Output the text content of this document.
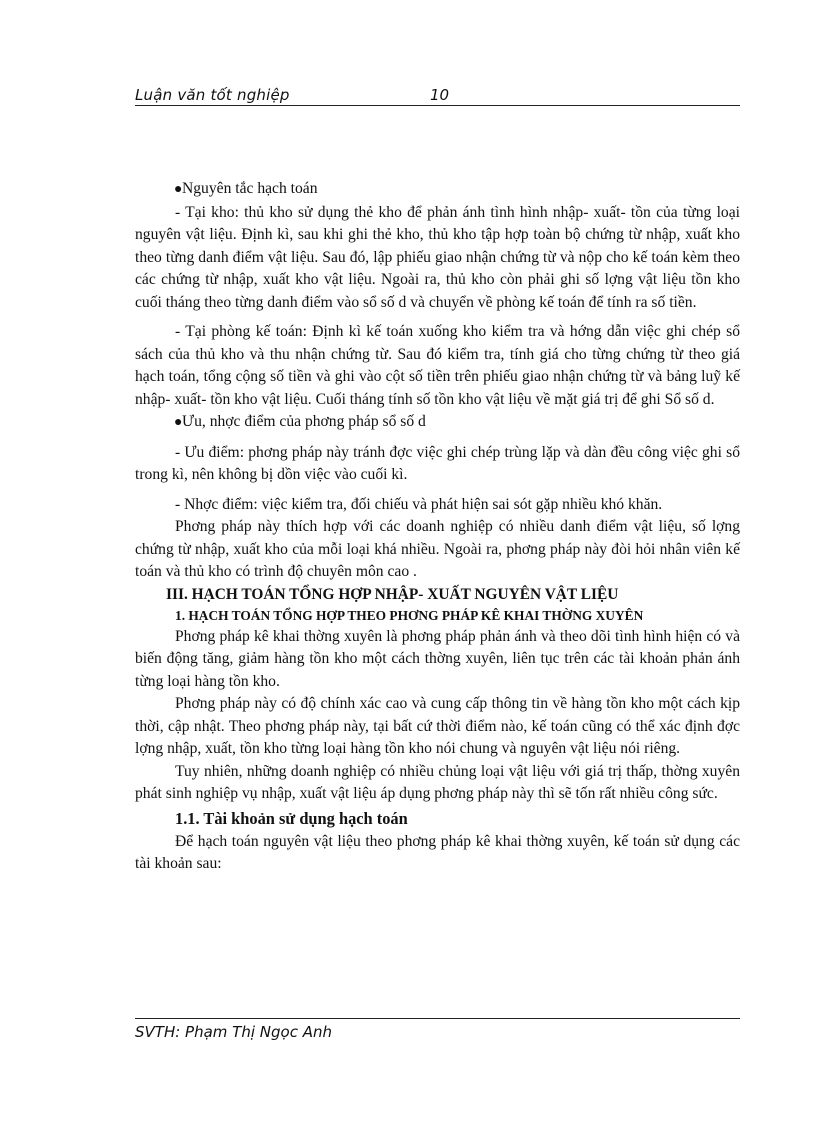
Luận văn tốt nghiệp	10

●Nguyên tắc hạch toán

- Tại kho: thủ kho sử dụng thẻ kho để phản ánh tình hình nhập- xuất- tồn của từng loại nguyên vật liệu. Định kì, sau khi ghi thẻ kho, thủ kho tập hợp toàn bộ chứng từ nhập, xuất kho theo từng danh điểm vật liệu. Sau đó, lập phiếu giao nhận chứng từ và nộp cho kế toán kèm theo các chứng từ nhập, xuất kho vật liệu. Ngoài ra, thủ kho còn phải ghi số lợng vật liệu tồn kho cuối tháng theo từng danh điểm vào sổ số d và chuyển về phòng kế toán để tính ra số tiền.

- Tại phòng kế toán: Định kì kế toán xuống kho kiểm tra và hớng dẫn việc ghi chép sổ sách của thủ kho và thu nhận chứng từ. Sau đó kiểm tra, tính giá cho từng chứng từ theo giá hạch toán, tổng cộng số tiền và ghi vào cột số tiền trên phiếu giao nhận chứng từ và bảng luỹ kế nhập- xuất- tồn kho vật liệu. Cuối tháng tính số tồn kho vật liệu về mặt giá trị để ghi Sổ số d.

●Ưu, nhợc điểm của phơng pháp sổ số d

- Ưu điểm: phơng pháp này tránh đợc việc ghi chép trùng lặp và dàn đều công việc ghi sổ trong kì, nên không bị dồn việc vào cuối kì.

- Nhợc điểm: việc kiểm tra, đối chiếu và phát hiện sai sót gặp nhiều khó khăn.

Phơng pháp này thích hợp với các doanh nghiệp có nhiều danh điểm vật liệu, số lợng chứng từ nhập, xuất kho của mỗi loại khá nhiều. Ngoài ra, phơng pháp này đòi hỏi nhân viên kế toán và thủ kho có trình độ chuyên môn cao .

III. HẠCH TOÁN TỔNG HỢP NHẬP- XUẤT NGUYÊN VẬT LIỆU

1. HẠCH TOÁN TỔNG HỢP THEO PHƠNG PHÁP KÊ KHAI THỜNG XUYÊN

Phơng pháp kê khai thờng xuyên là phơng pháp phản ánh và theo dõi tình hình hiện có và biến động tăng, giảm hàng tồn kho một cách thờng xuyên, liên tục trên các tài khoản phản ánh từng loại hàng tồn kho.

Phơng pháp này có độ chính xác cao và cung cấp thông tin về hàng tồn kho một cách kịp thời, cập nhật. Theo phơng pháp này, tại bất cứ thời điểm nào, kế toán cũng có thể xác định đợc lợng nhập, xuất, tồn kho từng loại hàng tồn kho nói chung và nguyên vật liệu nói riêng.

Tuy nhiên, những doanh nghiệp có nhiều chủng loại vật liệu với giá trị thấp, thờng xuyên phát sinh nghiệp vụ nhập, xuất vật liệu áp dụng phơng pháp này thì sẽ tốn rất nhiều công sức.

1.1. Tài khoản sử dụng hạch toán

Để hạch toán nguyên vật liệu theo phơng pháp kê khai thờng xuyên, kế toán sử dụng các tài khoản sau:

SVTH: Phạm Thị Ngọc Anh
